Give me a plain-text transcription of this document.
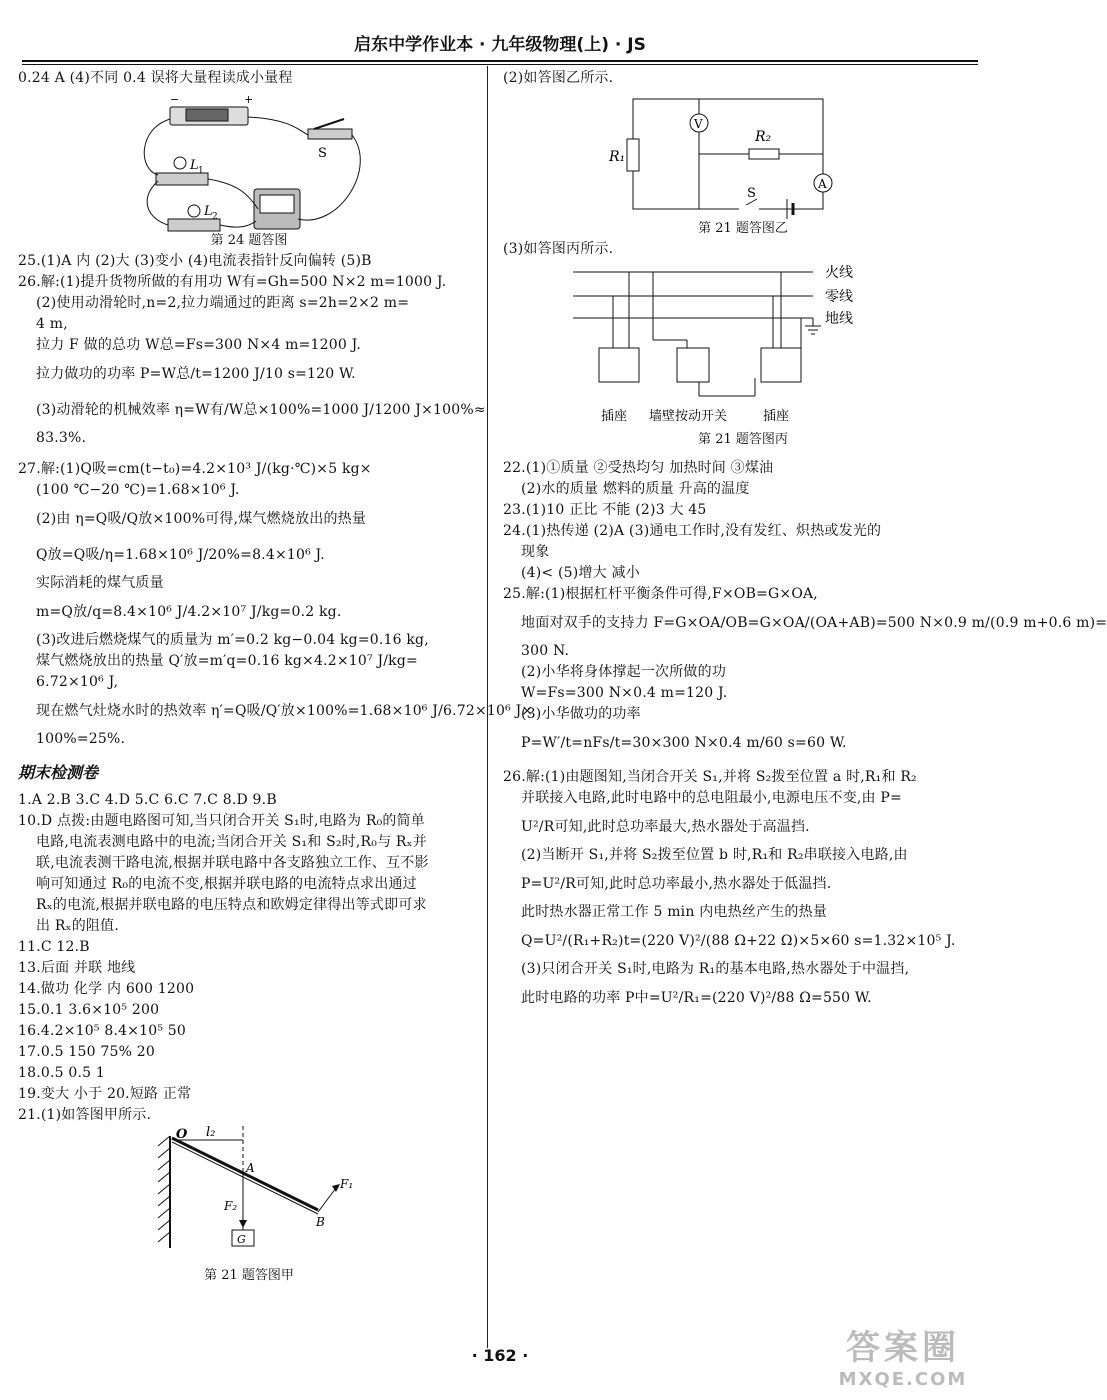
启东中学作业本 · 九年级物理(上) · JS
0.24 A (4)不同 0.4 误将大量程读成小量程
−	+
L 1
L 2
S
第 24 题答图
25.(1)A 内 (2)大 (3)变小 (4)电流表指针反向偏转 (5)B
26.解:(1)提升货物所做的有用功 W有=Gh=500 N×2 m=1000 J.
(2)使用动滑轮时,n=2,拉力端通过的距离 s=2h=2×2 m=
4 m,
拉力 F 做的总功 W总=Fs=300 N×4 m=1200 J.
拉力做功的功率 P=W总/t=1200 J/10 s=120 W.
(3)动滑轮的机械效率 η=W有/W总×100%=1000 J/1200 J×100%≈
83.3%.
27.解:(1)Q吸=cm(t−t₀)=4.2×10³ J/(kg·℃)×5 kg×
(100 ℃−20 ℃)=1.68×10⁶ J.
(2)由 η=Q吸/Q放×100%可得,煤气燃烧放出的热量
Q放=Q吸/η=1.68×10⁶ J/20%=8.4×10⁶ J.
实际消耗的煤气质量
m=Q放/q=8.4×10⁶ J/4.2×10⁷ J/kg=0.2 kg.
(3)改进后燃烧煤气的质量为 m′=0.2 kg−0.04 kg=0.16 kg,
煤气燃烧放出的热量 Q′放=m′q=0.16 kg×4.2×10⁷ J/kg=
6.72×10⁶ J,
现在燃气灶烧水时的热效率 η′=Q吸/Q′放×100%=1.68×10⁶ J/6.72×10⁶ J×
100%=25%.
期末检测卷
1.A 2.B 3.C 4.D 5.C 6.C 7.C 8.D 9.B
10.D 点拨:由题电路图可知,当只闭合开关 S₁时,电路为 R₀的简单
电路,电流表测电路中的电流;当闭合开关 S₁和 S₂时,R₀与 Rₓ并
联,电流表测干路电流,根据并联电路中各支路独立工作、互不影
响可知通过 R₀的电流不变,根据并联电路的电流特点求出通过
Rₓ的电流,根据并联电路的电压特点和欧姆定律得出等式即可求
出 Rₓ的阻值.
11.C 12.B
13.后面 并联 地线
14.做功 化学 内 600 1200
15.0.1 3.6×10⁵ 200
16.4.2×10⁵ 8.4×10⁵ 50
17.0.5 150 75% 20
18.0.5 0.5 1
19.变大 小于 20.短路 正常
21.(1)如答图甲所示.
O l₂
A
B
F₁
F₂
G
第 21 题答图甲
(2)如答图乙所示.
R₁
R₂
V
A
S
第 21 题答图乙
(3)如答图丙所示.
火线
零线
地线
插座 墙壁按动开关	插座
第 21 题答图丙
22.(1)①质量 ②受热均匀 加热时间 ③煤油
(2)水的质量 燃料的质量 升高的温度
23.(1)10 正比 不能 (2)3 大 45
24.(1)热传递 (2)A (3)通电工作时,没有发红、炽热或发光的
现象
(4)< (5)增大 减小
25.解:(1)根据杠杆平衡条件可得,F×OB=G×OA,
地面对双手的支持力 F=G×OA/OB=G×OA/(OA+AB)=500 N×0.9 m/(0.9 m+0.6 m)=
300 N.
(2)小华将身体撑起一次所做的功
W=Fs=300 N×0.4 m=120 J.
(3)小华做功的功率
P=W′/t=nFs/t=30×300 N×0.4 m/60 s=60 W.
26.解:(1)由题图知,当闭合开关 S₁,并将 S₂拨至位置 a 时,R₁和 R₂
并联接入电路,此时电路中的总电阻最小,电源电压不变,由 P=
U²/R可知,此时总功率最大,热水器处于高温挡.
(2)当断开 S₁,并将 S₂拨至位置 b 时,R₁和 R₂串联接入电路,由
P=U²/R可知,此时总功率最小,热水器处于低温挡.
此时热水器正常工作 5 min 内电热丝产生的热量
Q=U²/(R₁+R₂)t=(220 V)²/(88 Ω+22 Ω)×5×60 s=1.32×10⁵ J.
(3)只闭合开关 S₁时,电路为 R₁的基本电路,热水器处于中温挡,
此时电路的功率 P中=U²/R₁=(220 V)²/88 Ω=550 W.
· 162 ·	答案圈
MXQE.COM
